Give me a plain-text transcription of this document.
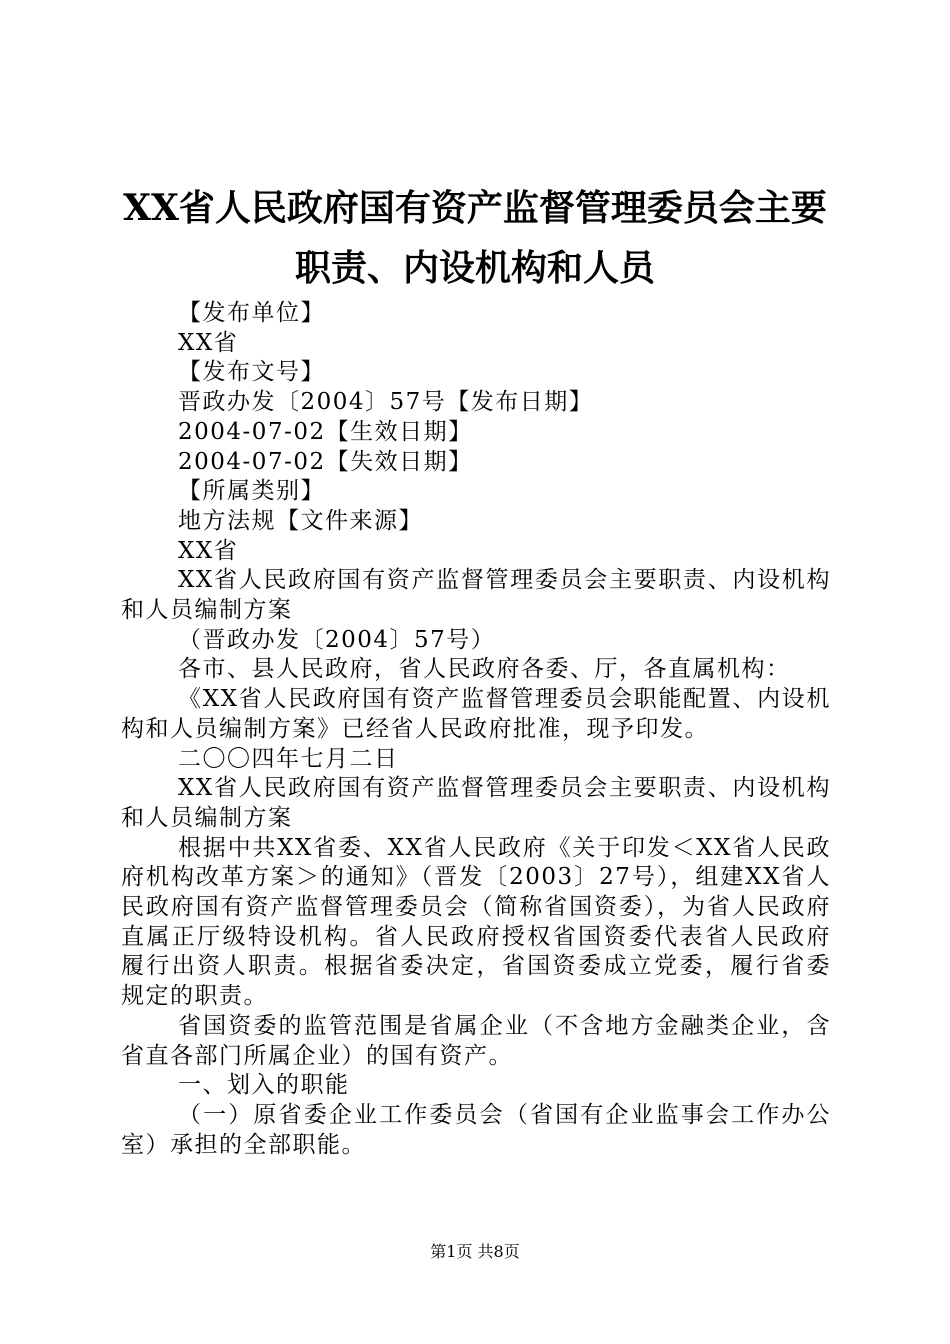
XX省人民政府国有资产监督管理委员会主要
职责、内设机构和人员

【发布单位】

XX省

【发布文号】

晋政办发〔2004〕57号【发布日期】

2004-07-02【生效日期】

2004-07-02【失效日期】

【所属类别】

地方法规【文件来源】

XX省

XX省人民政府国有资产监督管理委员会主要职责、内设机构和人员编制方案

（晋政办发〔2004〕57号）

各市、县人民政府，省人民政府各委、厅，各直属机构：

《XX省人民政府国有资产监督管理委员会职能配置、内设机构和人员编制方案》已经省人民政府批准，现予印发。

二〇〇四年七月二日

XX省人民政府国有资产监督管理委员会主要职责、内设机构和人员编制方案

根据中共XX省委、XX省人民政府《关于印发＜XX省人民政府机构改革方案＞的通知》（晋发〔2003〕27号），组建XX省人民政府国有资产监督管理委员会（简称省国资委），为省人民政府直属正厅级特设机构。省人民政府授权省国资委代表省人民政府履行出资人职责。根据省委决定，省国资委成立党委，履行省委规定的职责。

省国资委的监管范围是省属企业（不含地方金融类企业，含省直各部门所属企业）的国有资产。

一、划入的职能

（一）原省委企业工作委员会（省国有企业监事会工作办公室）承担的全部职能。

第1页 共8页
